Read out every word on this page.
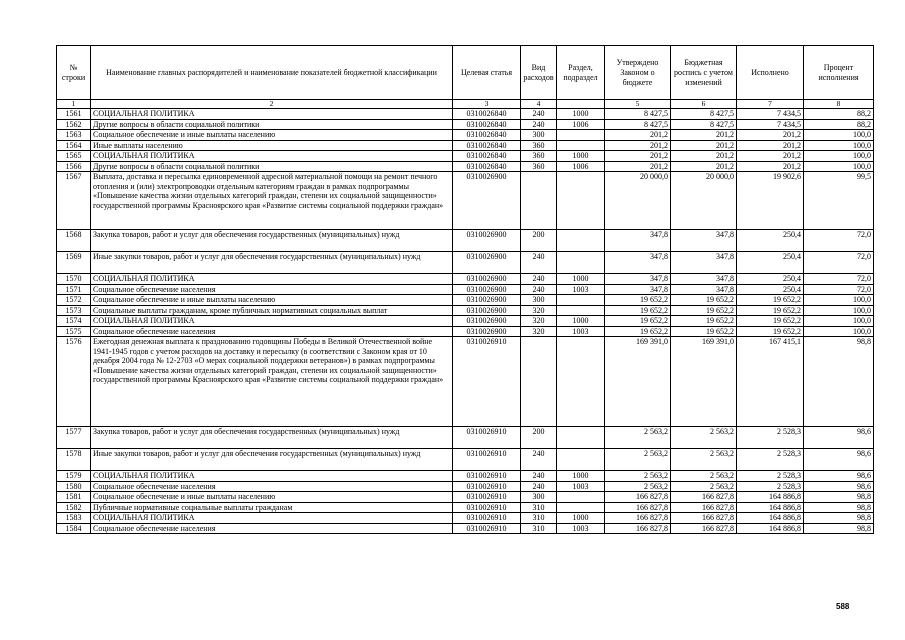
№ строки	Наименование главных распорядителей и наименование показателей бюджетной классификации	Целевая статья	Вид расходов	Раздел, подраздел	Утверждено Законом о бюджете	Бюджетная роспись с учетом изменений	Исполнено	Процент исполнения
1	2	3	4		5	6	7	8
1561	СОЦИАЛЬНАЯ ПОЛИТИКА	0310026840	240	1000	8 427,5	8 427,5	7 434,5	88,2
1562	Другие вопросы в области социальной политики	0310026840	240	1006	8 427,5	8 427,5	7 434,5	88,2
1563	Социальное обеспечение и иные выплаты населению	0310026840	300		201,2	201,2	201,2	100,0
1564	Иные выплаты населению	0310026840	360		201,2	201,2	201,2	100,0
1565	СОЦИАЛЬНАЯ ПОЛИТИКА	0310026840	360	1000	201,2	201,2	201,2	100,0
1566	Другие вопросы в области социальной политики	0310026840	360	1006	201,2	201,2	201,2	100,0
1567	Выплата, доставка и пересылка единовременной адресной материальной помощи на ремонт печного отопления и (или) электропроводки отдельным категориям граждан в рамках подпрограммы «Повышение качества жизни отдельных категорий граждан, степени их социальной защищенности» государственной программы Красноярского края «Развитие системы социальной поддержки граждан»	0310026900			20 000,0	20 000,0	19 902,6	99,5
1568	Закупка товаров, работ и услуг для обеспечения государственных (муниципальных) нужд	0310026900	200		347,8	347,8	250,4	72,0
1569	Иные закупки товаров, работ и услуг для обеспечения государственных (муниципальных) нужд	0310026900	240		347,8	347,8	250,4	72,0
1570	СОЦИАЛЬНАЯ ПОЛИТИКА	0310026900	240	1000	347,8	347,8	250,4	72,0
1571	Социальное обеспечение населения	0310026900	240	1003	347,8	347,8	250,4	72,0
1572	Социальное обеспечение и иные выплаты населению	0310026900	300		19 652,2	19 652,2	19 652,2	100,0
1573	Социальные выплаты гражданам, кроме публичных нормативных социальных выплат	0310026900	320		19 652,2	19 652,2	19 652,2	100,0
1574	СОЦИАЛЬНАЯ ПОЛИТИКА	0310026900	320	1000	19 652,2	19 652,2	19 652,2	100,0
1575	Социальное обеспечение населения	0310026900	320	1003	19 652,2	19 652,2	19 652,2	100,0
1576	Ежегодная денежная выплата к празднованию годовщины Победы в Великой Отечественной войне 1941-1945 годов с учетом расходов на доставку и пересылку (в соответствии с Законом края от 10 декабря 2004 года № 12-2703 «О мерах социальной поддержки ветеранов») в рамках подпрограммы «Повышение качества жизни отдельных категорий граждан, степени их социальной защищенности» государственной программы Красноярского края «Развитие системы социальной поддержки граждан»	0310026910			169 391,0	169 391,0	167 415,1	98,8
1577	Закупка товаров, работ и услуг для обеспечения государственных (муниципальных) нужд	0310026910	200		2 563,2	2 563,2	2 528,3	98,6
1578	Иные закупки товаров, работ и услуг для обеспечения государственных (муниципальных) нужд	0310026910	240		2 563,2	2 563,2	2 528,3	98,6
1579	СОЦИАЛЬНАЯ ПОЛИТИКА	0310026910	240	1000	2 563,2	2 563,2	2 528,3	98,6
1580	Социальное обеспечение населения	0310026910	240	1003	2 563,2	2 563,2	2 528,3	98,6
1581	Социальное обеспечение и иные выплаты населению	0310026910	300		166 827,8	166 827,8	164 886,8	98,8
1582	Публичные нормативные социальные выплаты гражданам	0310026910	310		166 827,8	166 827,8	164 886,8	98,8
1583	СОЦИАЛЬНАЯ ПОЛИТИКА	0310026910	310	1000	166 827,8	166 827,8	164 886,8	98,8
1584	Социальное обеспечение населения	0310026910	310	1003	166 827,8	166 827,8	164 886,8	98,8
588
